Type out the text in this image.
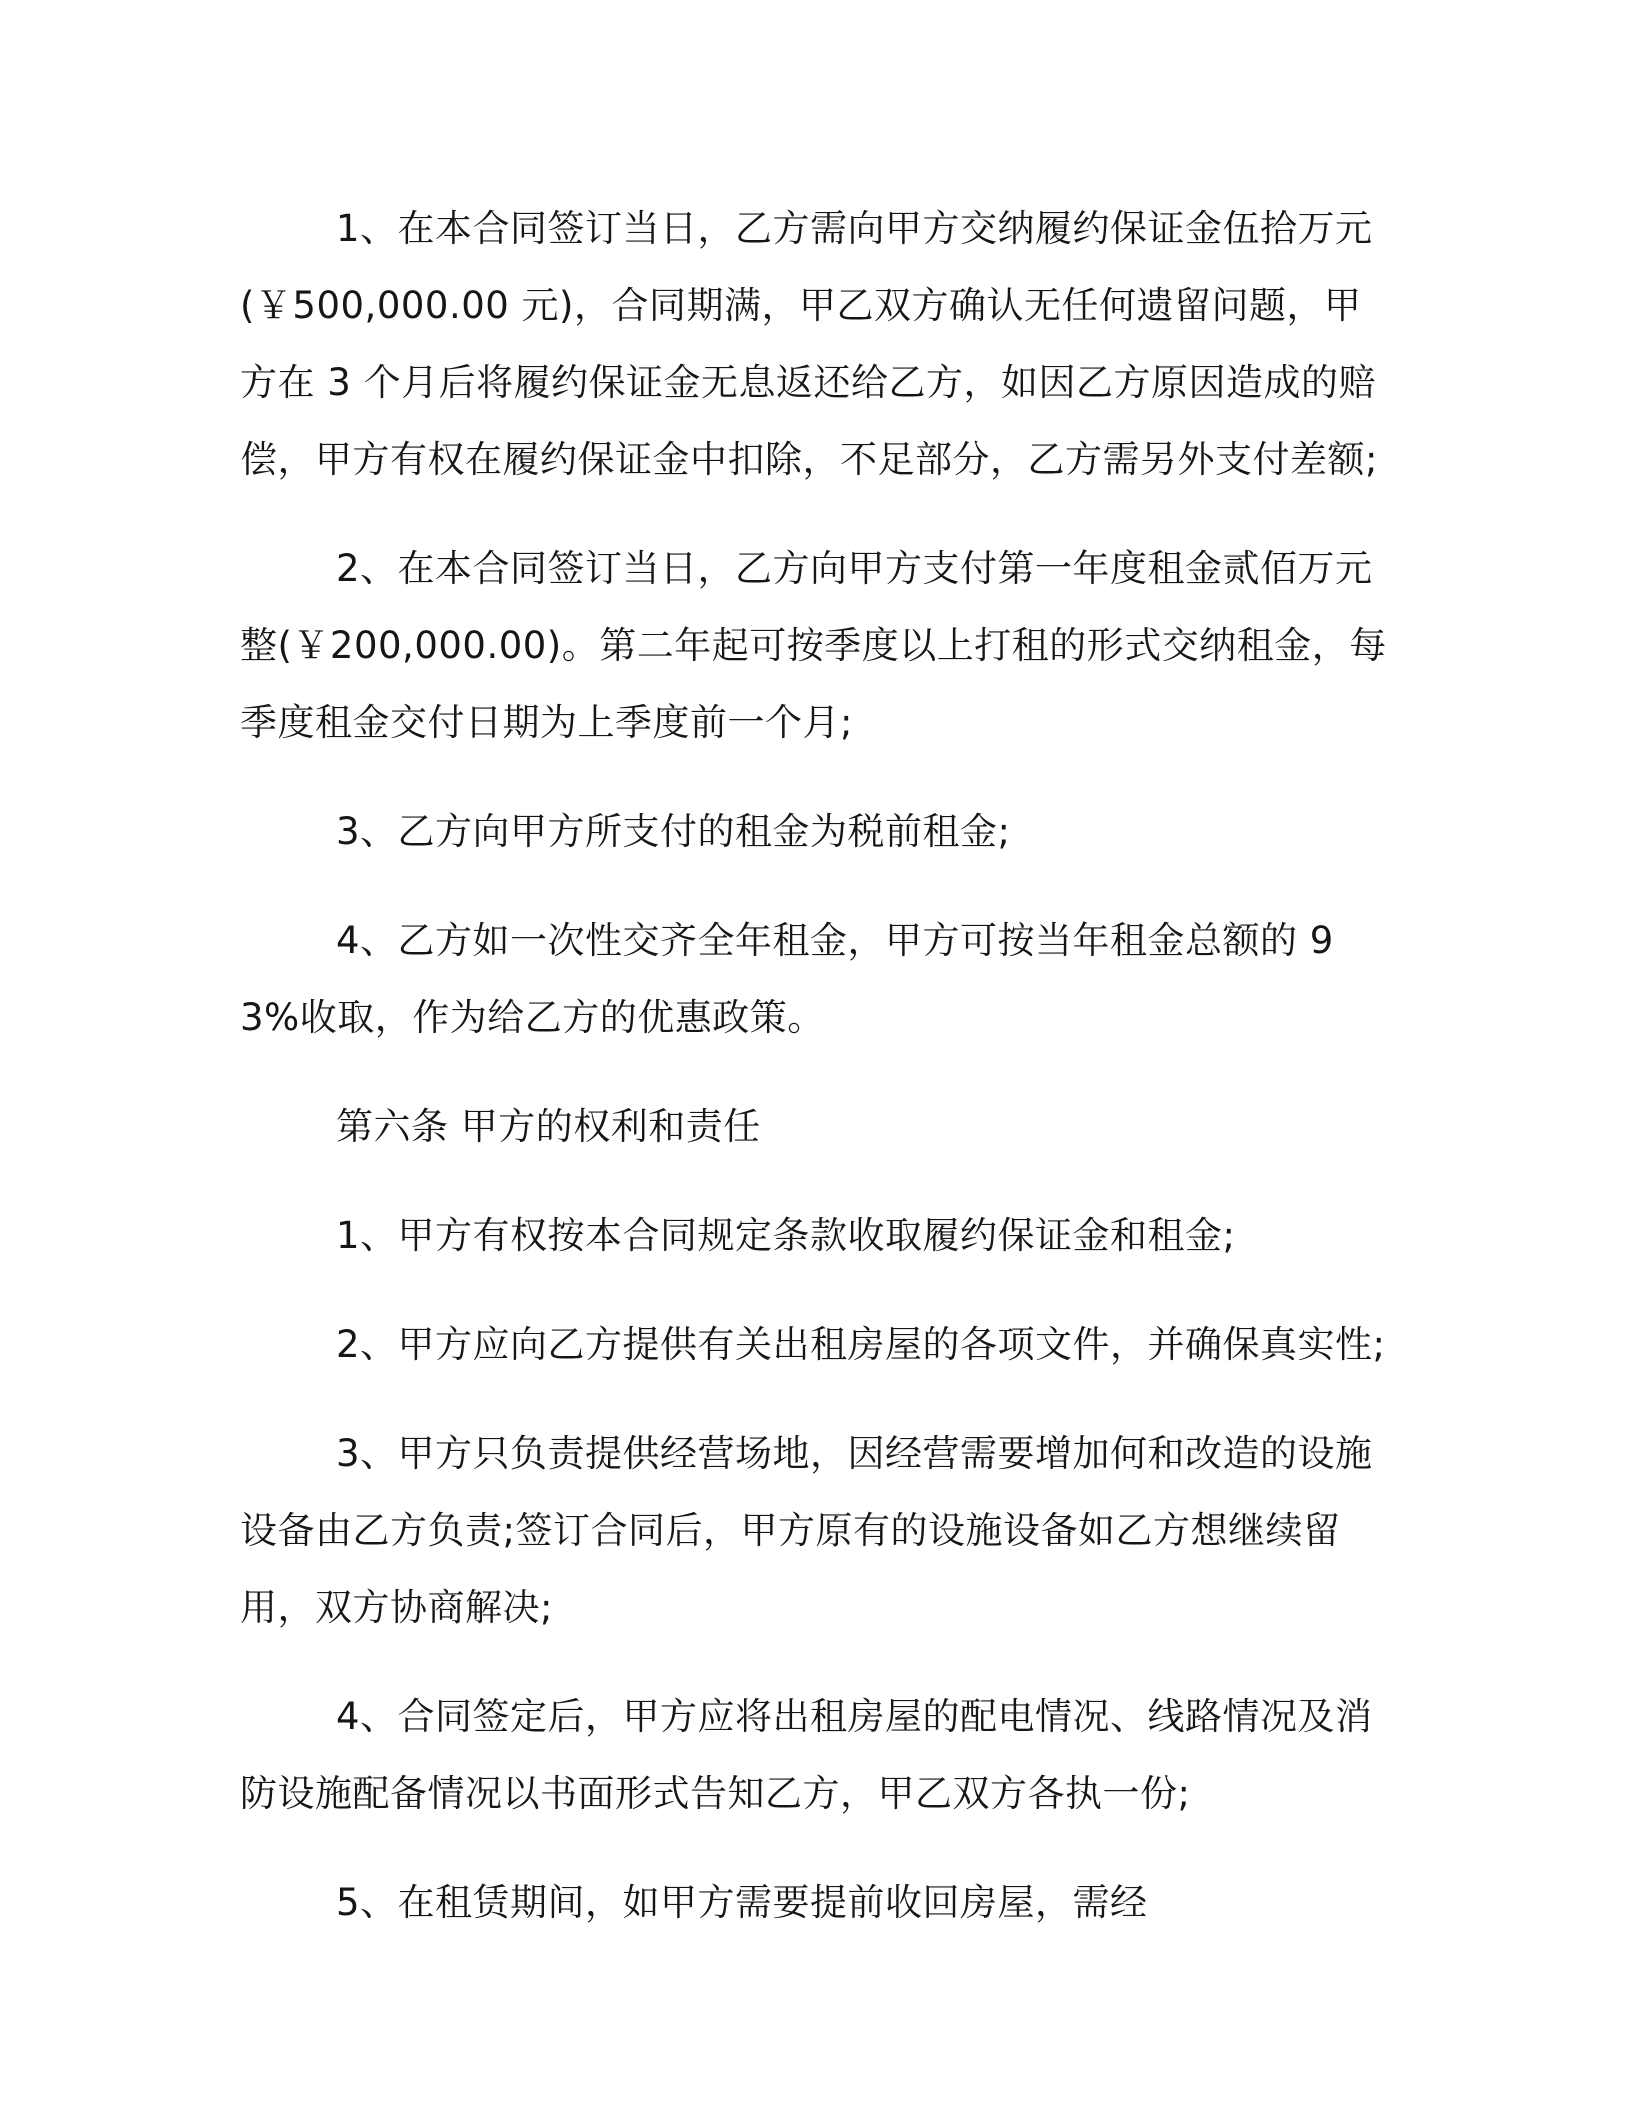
1、在本合同签订当日，乙方需向甲方交纳履约保证金伍拾万元(￥500,000.00 元)，合同期满，甲乙双方确认无任何遗留问题，甲方在 3 个月后将履约保证金无息返还给乙方，如因乙方原因造成的赔偿，甲方有权在履约保证金中扣除，不足部分，乙方需另外支付差额;

2、在本合同签订当日，乙方向甲方支付第一年度租金贰佰万元整(￥200,000.00)。第二年起可按季度以上打租的形式交纳租金，每季度租金交付日期为上季度前一个月;

3、乙方向甲方所支付的租金为税前租金;

4、乙方如一次性交齐全年租金，甲方可按当年租金总额的 93%收取，作为给乙方的优惠政策。

第六条 甲方的权利和责任

1、甲方有权按本合同规定条款收取履约保证金和租金;

2、甲方应向乙方提供有关出租房屋的各项文件，并确保真实性;

3、甲方只负责提供经营场地，因经营需要增加何和改造的设施设备由乙方负责;签订合同后，甲方原有的设施设备如乙方想继续留用，双方协商解决;

4、合同签定后，甲方应将出租房屋的配电情况、线路情况及消防设施配备情况以书面形式告知乙方，甲乙双方各执一份;

5、在租赁期间，如甲方需要提前收回房屋，需经
